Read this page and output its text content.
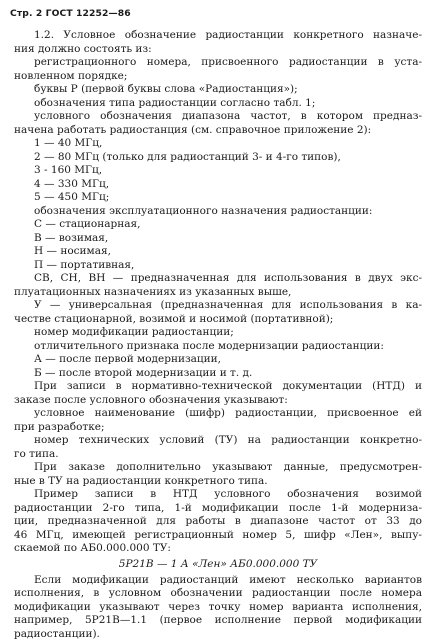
Стр. 2 ГОСТ 12252—86
1.2. Условное обозначение радиостанции конкретного назначе-
ния должно состоять из:
регистрационного номера, присвоенного радиостанции в уста-
новленном порядке;
буквы Р (первой буквы слова «Радиостанция»);
обозначения типа радиостанции согласно табл. 1;
условного обозначения диапазона частот, в котором предназ-
начена работать радиостанция (см. справочное приложение 2):
1 — 40 МГц,
2 — 80 МГц (только для радиостанций 3- и 4-го типов),
3 - 160 МГц,
4 — 330 МГц,
5 — 450 МГц;
обозначения эксплуатационного назначения радиостанции:
С — стационарная,
В — возимая,
Н — носимая,
П — портативная,
СВ, СН, ВН — предназначенная для использования в двух экс-
плуатационных назначениях из указанных выше,
У — универсальная (предназначенная для использования в ка-
честве стационарной, возимой и носимой (портативной);
номер модификации радиостанции;
отличительного признака после модернизации радиостанции:
А — после первой модернизации,
Б — после второй модернизации и т. д.
При записи в нормативно-технической документации (НТД) и
заказе после условного обозначения указывают:
условное наименование (шифр) радиостанции, присвоенное ей
при разработке;
номер технических условий (ТУ) на радиостанции конкретно-
го типа.
При заказе дополнительно указывают данные, предусмотрен-
ные в ТУ на радиостанции конкретного типа.
Пример записи в НТД условного обозначения возимой
радиостанции 2-го типа, 1-й модификации после 1-й модерниза-
ции, предназначенной для работы в диапазоне частот от 33 до
46 МГц, имеющей регистрационный номер 5, шифр «Лен», выпу-
скаемой по АБ0.000.000 ТУ:
5Р21В — 1 А «Лен» АБ0.000.000 ТУ
Если модификации радиостанций имеют несколько вариантов
исполнения, в условном обозначении радиостанции после номера
модификации указывают через точку номер варианта исполнения,
например, 5Р21В—1.1 (первое исполнение первой модификации
радиостанции).
